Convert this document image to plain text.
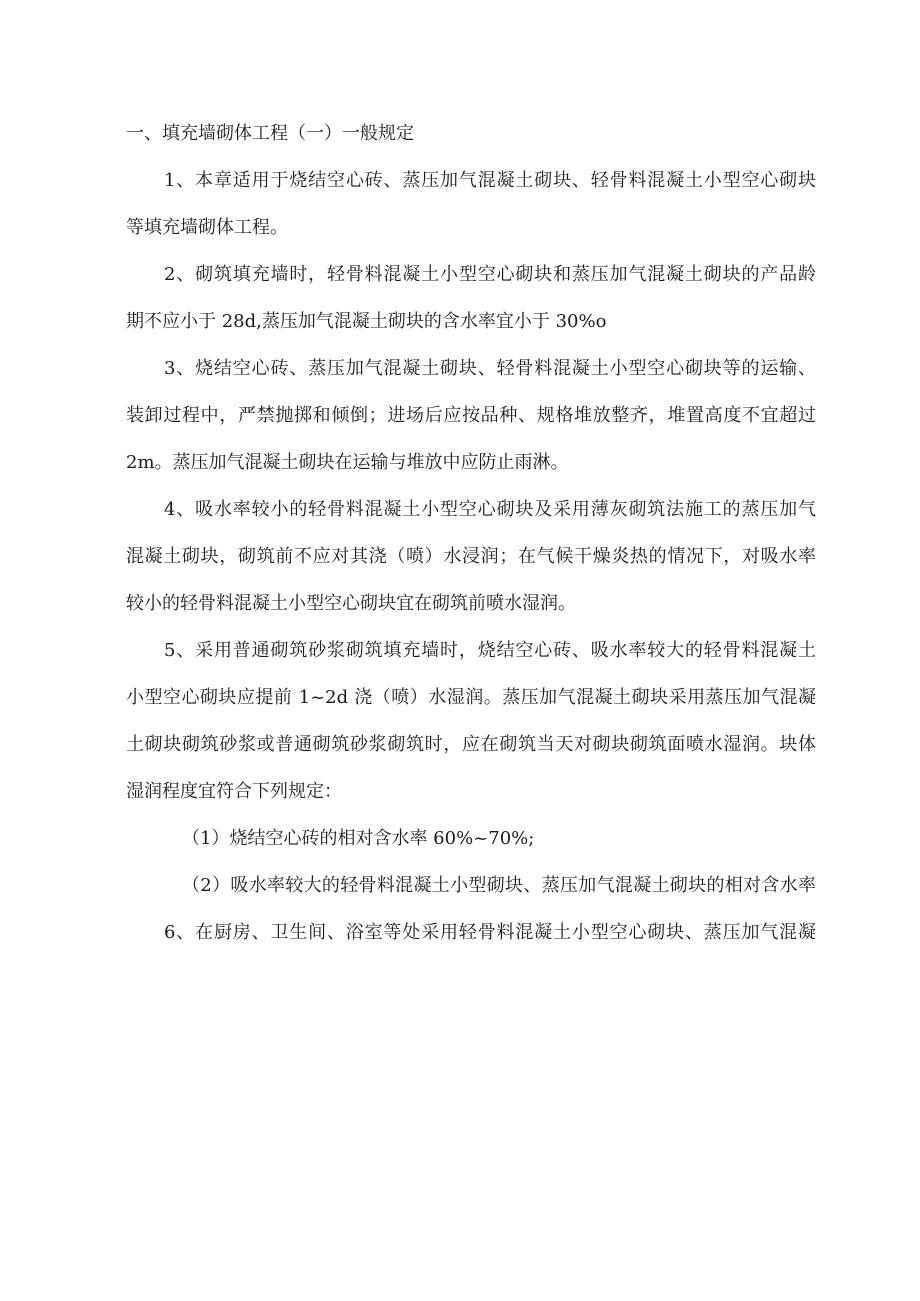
一、填充墙砌体工程（一）一般规定
1、本章适用于烧结空心砖、蒸压加气混凝土砌块、轻骨料混凝土小型空心砌块
等填充墙砌体工程。
2、砌筑填充墙时，轻骨料混凝土小型空心砌块和蒸压加气混凝土砌块的产品龄
期不应小于 28d,蒸压加气混凝土砌块的含水率宜小于 30%o
3、烧结空心砖、蒸压加气混凝土砌块、轻骨料混凝土小型空心砌块等的运输、
装卸过程中，严禁抛掷和倾倒；进场后应按品种、规格堆放整齐，堆置高度不宜超过
2m。蒸压加气混凝土砌块在运输与堆放中应防止雨淋。
4、吸水率较小的轻骨料混凝土小型空心砌块及采用薄灰砌筑法施工的蒸压加气
混凝土砌块，砌筑前不应对其浇（喷）水浸润；在气候干燥炎热的情况下，对吸水率
较小的轻骨料混凝土小型空心砌块宜在砌筑前喷水湿润。
5、采用普通砌筑砂浆砌筑填充墙时，烧结空心砖、吸水率较大的轻骨料混凝土
小型空心砌块应提前 1~2d 浇（喷）水湿润。蒸压加气混凝土砌块采用蒸压加气混凝
土砌块砌筑砂浆或普通砌筑砂浆砌筑时，应在砌筑当天对砌块砌筑面喷水湿润。块体
湿润程度宜符合下列规定：
（1）烧结空心砖的相对含水率 60%~70%;
（2）吸水率较大的轻骨料混凝土小型砌块、蒸压加气混凝土砌块的相对含水率
6、在厨房、卫生间、浴室等处采用轻骨料混凝土小型空心砌块、蒸压加气混凝
